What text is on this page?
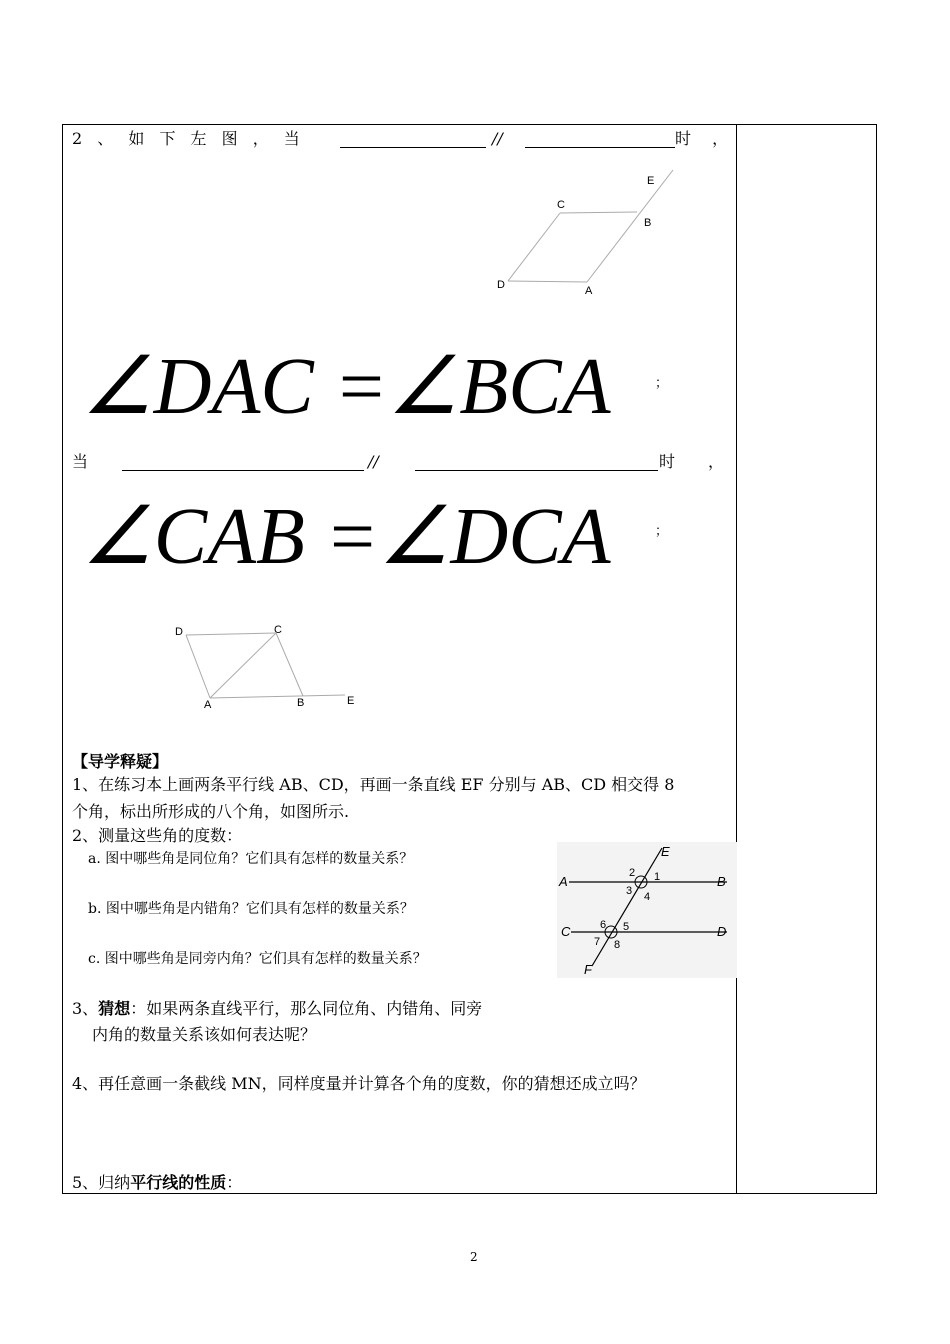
2 、 如 下 左 图 ， 当	//	时 ，
E
C
B
D	A
∠DAC =∠BCA	；
当	//	时 ，
∠CAB =∠DCA	；
D	C
A	B	E
【导学释疑】
1、在练习本上画两条平行线 AB、CD，再画一条直线 EF 分别与 AB、CD 相交得 8
个角，标出所形成的八个角，如图所示.
2、测量这些角的度数：
a. 图中哪些角是同位角？它们具有怎样的数量关系？
b. 图中哪些角是内错角？它们具有怎样的数量关系？
c. 图中哪些角是同旁内角？它们具有怎样的数量关系？
A	B
C	D
E
F
1
2
3 4
5
6
7 8
3、猜想：如果两条直线平行，那么同位角、内错角、同旁
内角的数量关系该如何表达呢？
4、再任意画一条截线 MN，同样度量并计算各个角的度数，你的猜想还成立吗？
5、归纳平行线的性质：
2
